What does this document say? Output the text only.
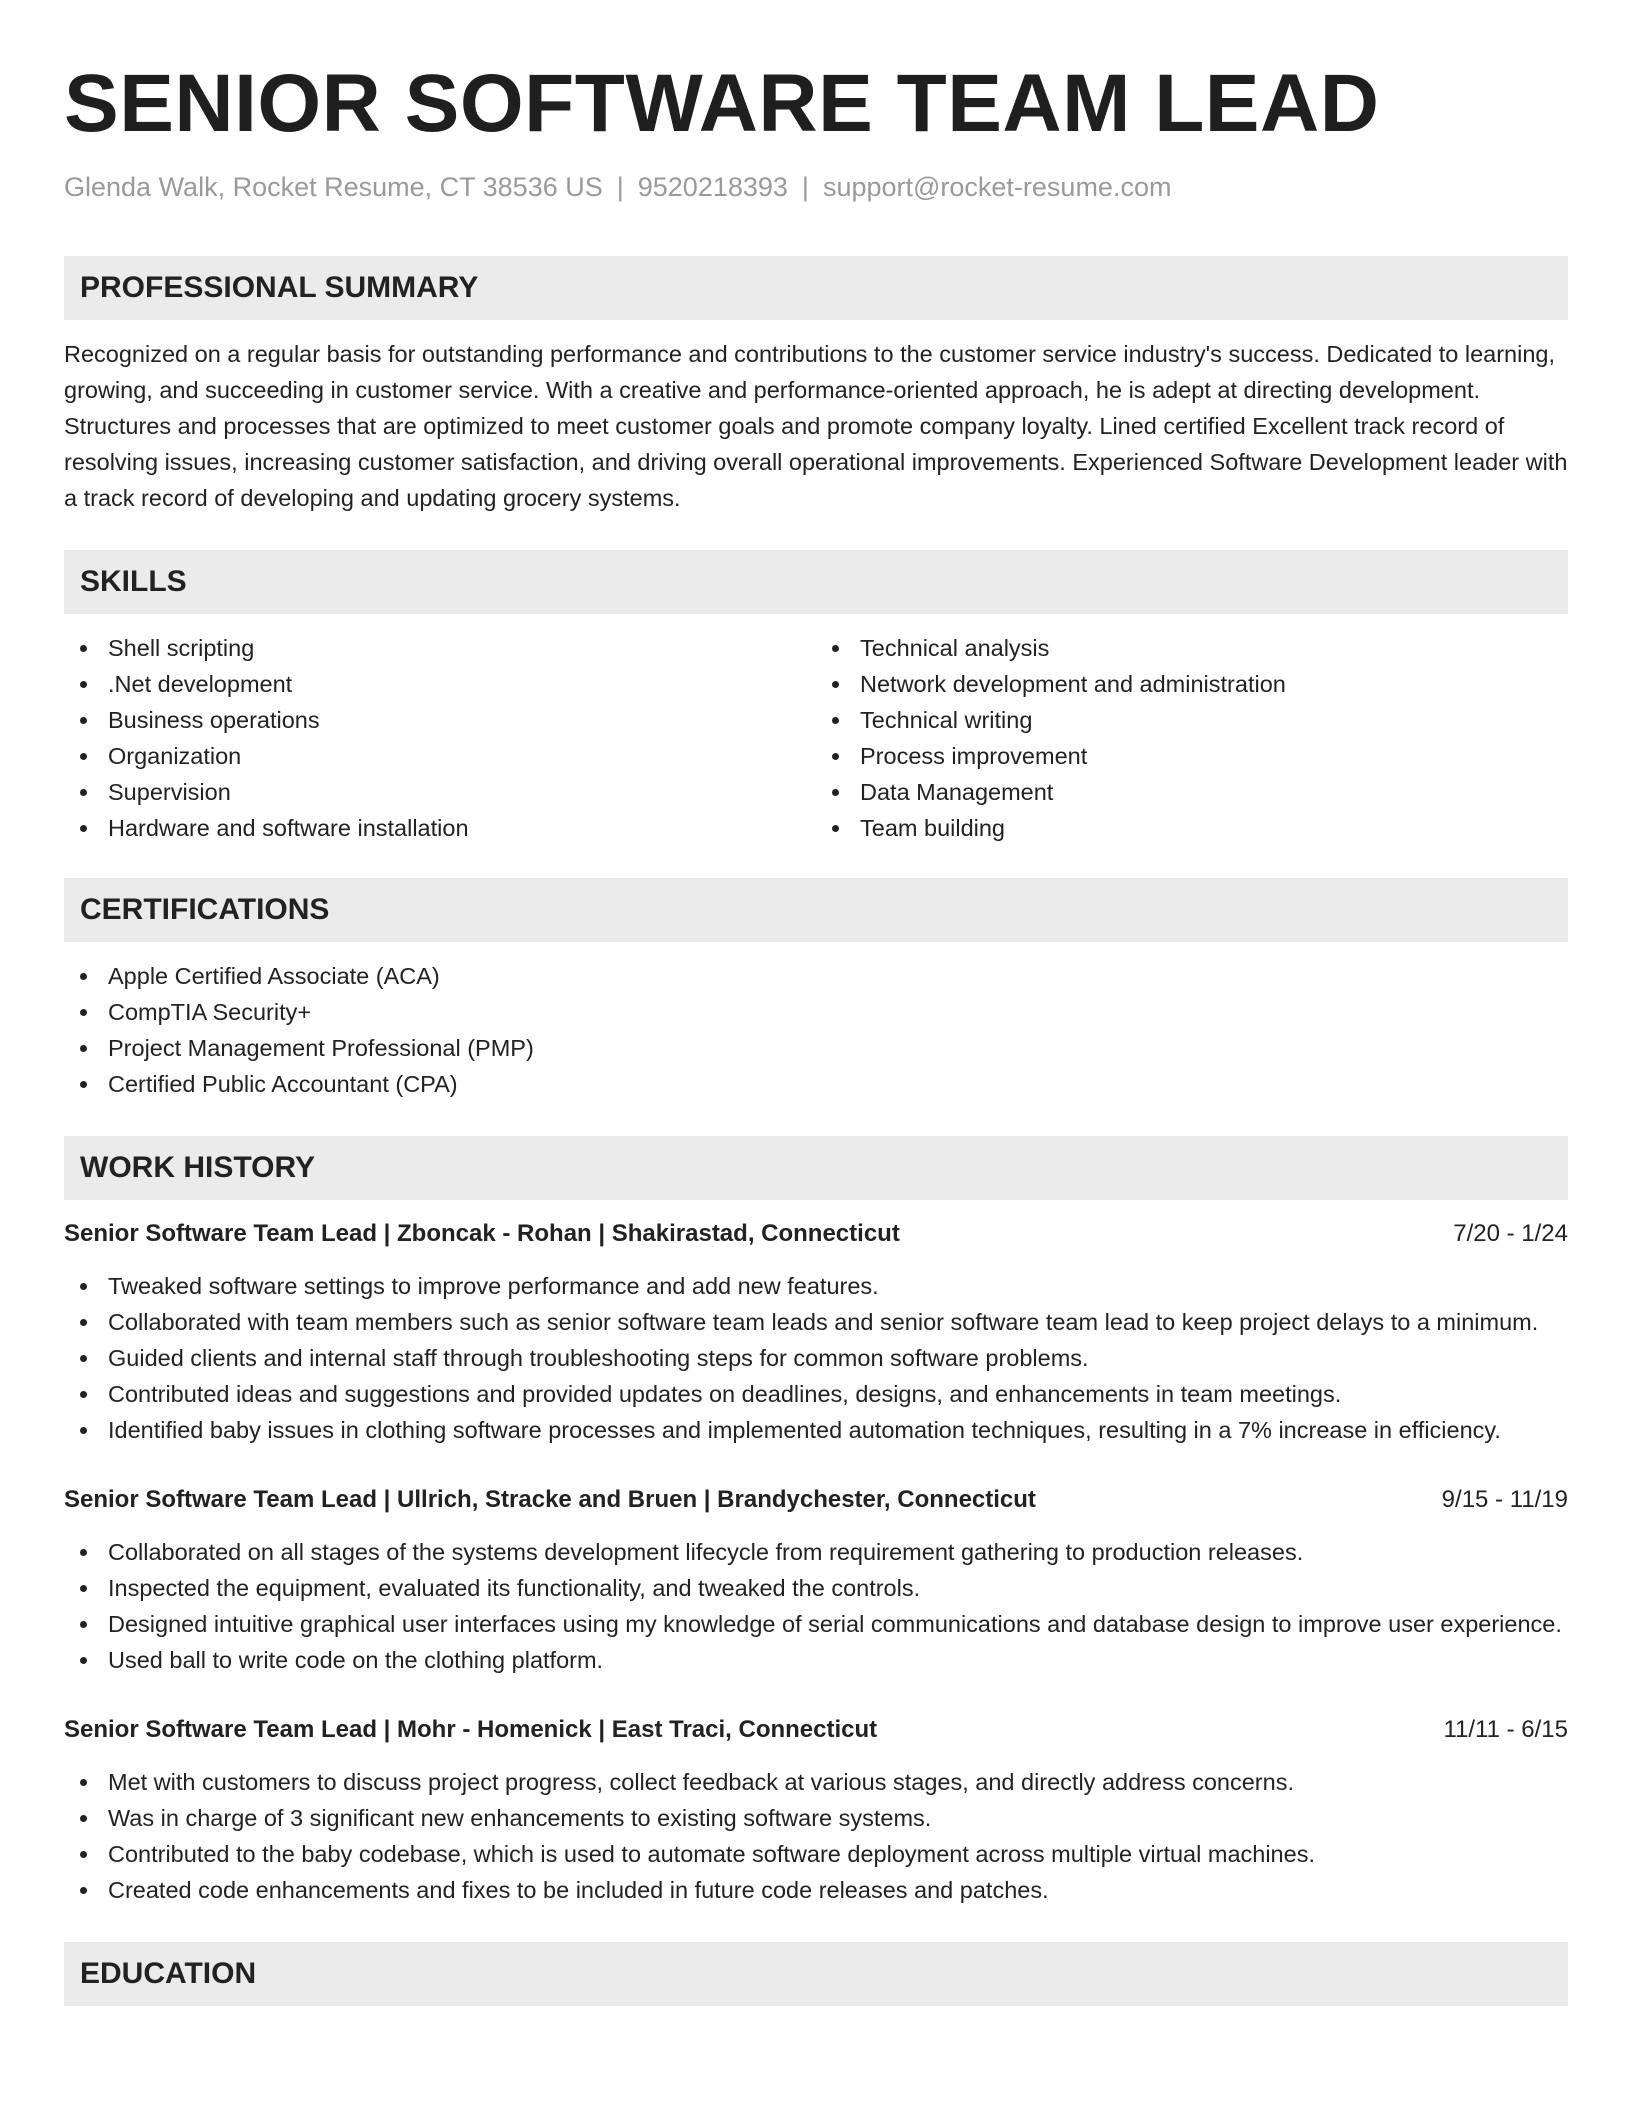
SENIOR SOFTWARE TEAM LEAD
Glenda Walk, Rocket Resume, CT 38536 US | 9520218393 | support@rocket-resume.com
PROFESSIONAL SUMMARY

Recognized on a regular basis for outstanding performance and contributions to the customer service industry's success. Dedicated to learning, growing, and succeeding in customer service. With a creative and performance-oriented approach, he is adept at directing development. Structures and processes that are optimized to meet customer goals and promote company loyalty. Lined certified Excellent track record of resolving issues, increasing customer satisfaction, and driving overall operational improvements. Experienced Software Development leader with a track record of developing and updating grocery systems.

SKILLS
Shell scripting
.Net development
Business operations
Organization
Supervision
Hardware and software installation
Technical analysis
Network development and administration
Technical writing
Process improvement
Data Management
Team building
CERTIFICATIONS
Apple Certified Associate (ACA)
CompTIA Security+
Project Management Professional (PMP)
Certified Public Accountant (CPA)
WORK HISTORY
Senior Software Team Lead | Zboncak - Rohan | Shakirastad, Connecticut	7/20 - 1/24
Tweaked software settings to improve performance and add new features.
Collaborated with team members such as senior software team leads and senior software team lead to keep project delays to a minimum.
Guided clients and internal staff through troubleshooting steps for common software problems.
Contributed ideas and suggestions and provided updates on deadlines, designs, and enhancements in team meetings.
Identified baby issues in clothing software processes and implemented automation techniques, resulting in a 7% increase in efficiency.
Senior Software Team Lead | Ullrich, Stracke and Bruen | Brandychester, Connecticut	9/15 - 11/19
Collaborated on all stages of the systems development lifecycle from requirement gathering to production releases.
Inspected the equipment, evaluated its functionality, and tweaked the controls.
Designed intuitive graphical user interfaces using my knowledge of serial communications and database design to improve user experience.
Used ball to write code on the clothing platform.
Senior Software Team Lead | Mohr - Homenick | East Traci, Connecticut	11/11 - 6/15
Met with customers to discuss project progress, collect feedback at various stages, and directly address concerns.
Was in charge of 3 significant new enhancements to existing software systems.
Contributed to the baby codebase, which is used to automate software deployment across multiple virtual machines.
Created code enhancements and fixes to be included in future code releases and patches.
EDUCATION
